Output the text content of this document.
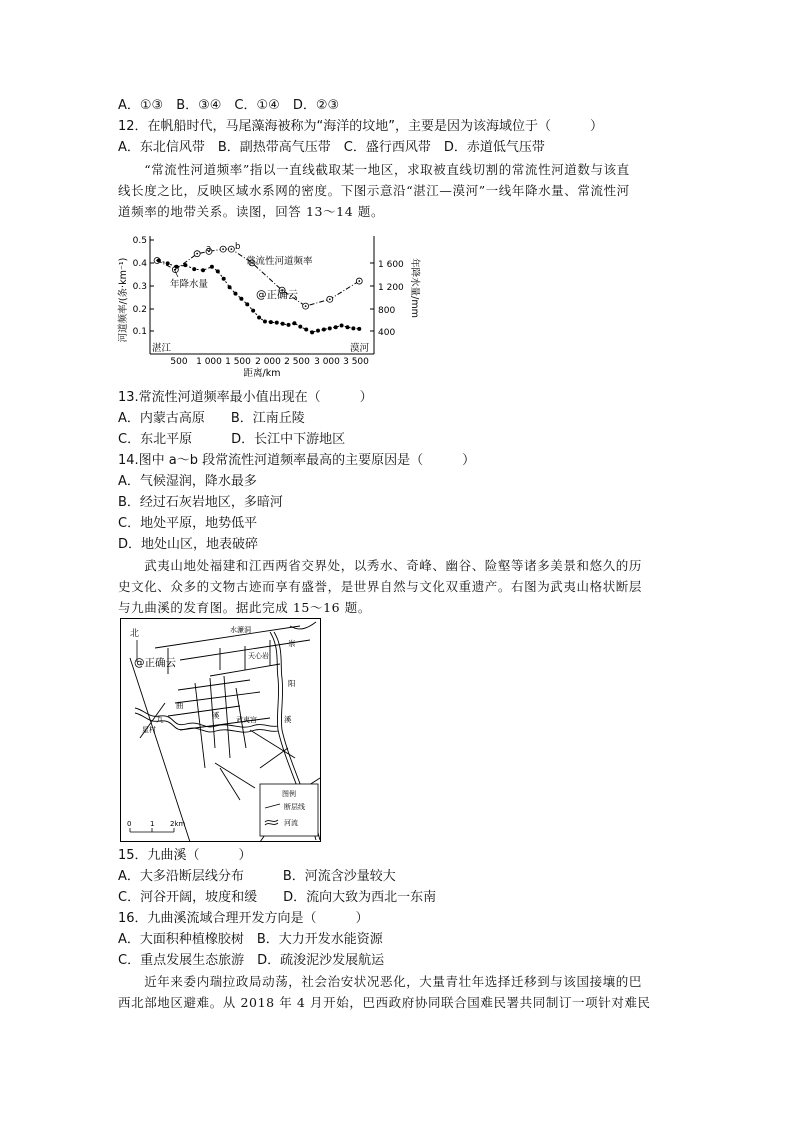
A．①③　B．③④　C．①④　D．②③
12．在帆船时代，马尾藻海被称为“海洋的坟地”，主要是因为该海域位于（　　　）
A．东北信风带　B．副热带高气压带　C．盛行西风带　D．赤道低气压带
　　“常流性河道频率”指以一直线截取某一地区，求取被直线切割的常流性河道数与该直
线长度之比，反映区域水系网的密度。下图示意沿“湛江—漠河”一线年降水量、常流性河
道频率的地带关系。读图，回答 13～14 题。
河道频率/(条·km⁻¹)	年降水量/mm
0.5
0.4
0.3
0.2
0.1
1 600
1 200
800
400
500 1 000 1 500 2 000 2 500 3 000 3 500
湛江	漠河
距离/km
常流性河道频率
年降水量
a	b
@正确云
13.常流性河道频率最小值出现在（　　　）
A．内蒙古高原　　B．江南丘陵
C．东北平原　　　D．长江中下游地区
14.图中 a～b 段常流性河道频率最高的主要原因是（　　　）
A．气候湿润，降水最多
B．经过石灰岩地区，多暗河
C．地处平原，地势低平
D．地处山区，地表破碎
　　武夷山地处福建和江西两省交界处，以秀水、奇峰、幽谷、险壑等诸多美景和悠久的历
史文化、众多的文物古迹而享有盛誉，是世界自然与文化双重遗产。右图为武夷山格状断层
与九曲溪的发育图。据此完成 15～16 题。
北
@正确云
水濂洞
天心岩
武夷宫
星村
崇
阳
溪
曲
九	溪
0	1 2km
图例
断层线
河流
15．九曲溪（　　　）
A．大多沿断层线分布　　　B．河流含沙量较大
C．河谷开阔，坡度和缓　　D．流向大致为西北一东南
16．九曲溪流域合理开发方向是（　　　）
A．大面积种植橡胶树　B．大力开发水能资源
C．重点发展生态旅游　D．疏浚泥沙发展航运
　　近年来委内瑞拉政局动荡，社会治安状况恶化，大量青壮年选择迁移到与该国接壤的巴
西北部地区避难。从 2018 年 4 月开始，巴西政府协同联合国难民署共同制订一项针对难民
